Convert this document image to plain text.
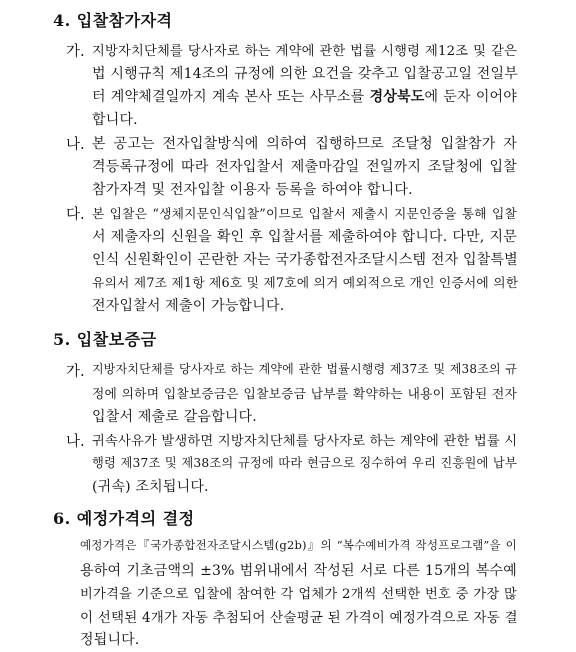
4. 입찰참가자격
가. 지방자치단체를 당사자로 하는 계약에 관한 법률 시행령 제12조 및 같은
법 시행규칙 제14조의 규정에 의한 요건을 갖추고 입찰공고일 전일부
터 계약체결일까지 계속 본사 또는 사무소를 경상북도에 둔자 이어야
합니다.
나. 본 공고는 전자입찰방식에 의하여 집행하므로 조달청 입찰참가 자
격등록규정에 따라 전자입찰서 제출마감일 전일까지 조달청에 입찰
참가자격 및 전자입찰 이용자 등록을 하여야 합니다.
다. 본 입찰은 “생체지문인식입찰”이므로 입찰서 제출시 지문인증을 통해 입찰
서 제출자의 신원을 확인 후 입찰서를 제출하여야 합니다. 다만, 지문
인식 신원확인이 곤란한 자는 국가종합전자조달시스템 전자 입찰특별
유의서 제7조 제1항 제6호 및 제7호에 의거 예외적으로 개인 인증서에 의한
전자입찰서 제출이 가능합니다.
5. 입찰보증금
가. 지방자치단체를 당사자로 하는 계약에 관한 법률시행령 제37조 및 제38조의 규
정에 의하며 입찰보증금은 입찰보증금 납부를 확약하는 내용이 포함된 전자
입찰서 제출로 갈음합니다.
나. 귀속사유가 발생하면 지방자치단체를 당사자로 하는 계약에 관한 법률 시
행령 제37조 및 제38조의 규정에 따라 현금으로 징수하여 우리 진흥원에 납부
(귀속) 조치됩니다.
6. 예정가격의 결정
예정가격은『국가종합전자조달시스템(g2b)』의 “복수예비가격 작성프로그램”을 이
용하여 기초금액의 ±3% 범위내에서 작성된 서로 다른 15개의 복수예
비가격을 기준으로 입찰에 참여한 각 업체가 2개씩 선택한 번호 중 가장 많
이 선택된 4개가 자동 추첨되어 산술평균 된 가격이 예정가격으로 자동 결
정됩니다.
